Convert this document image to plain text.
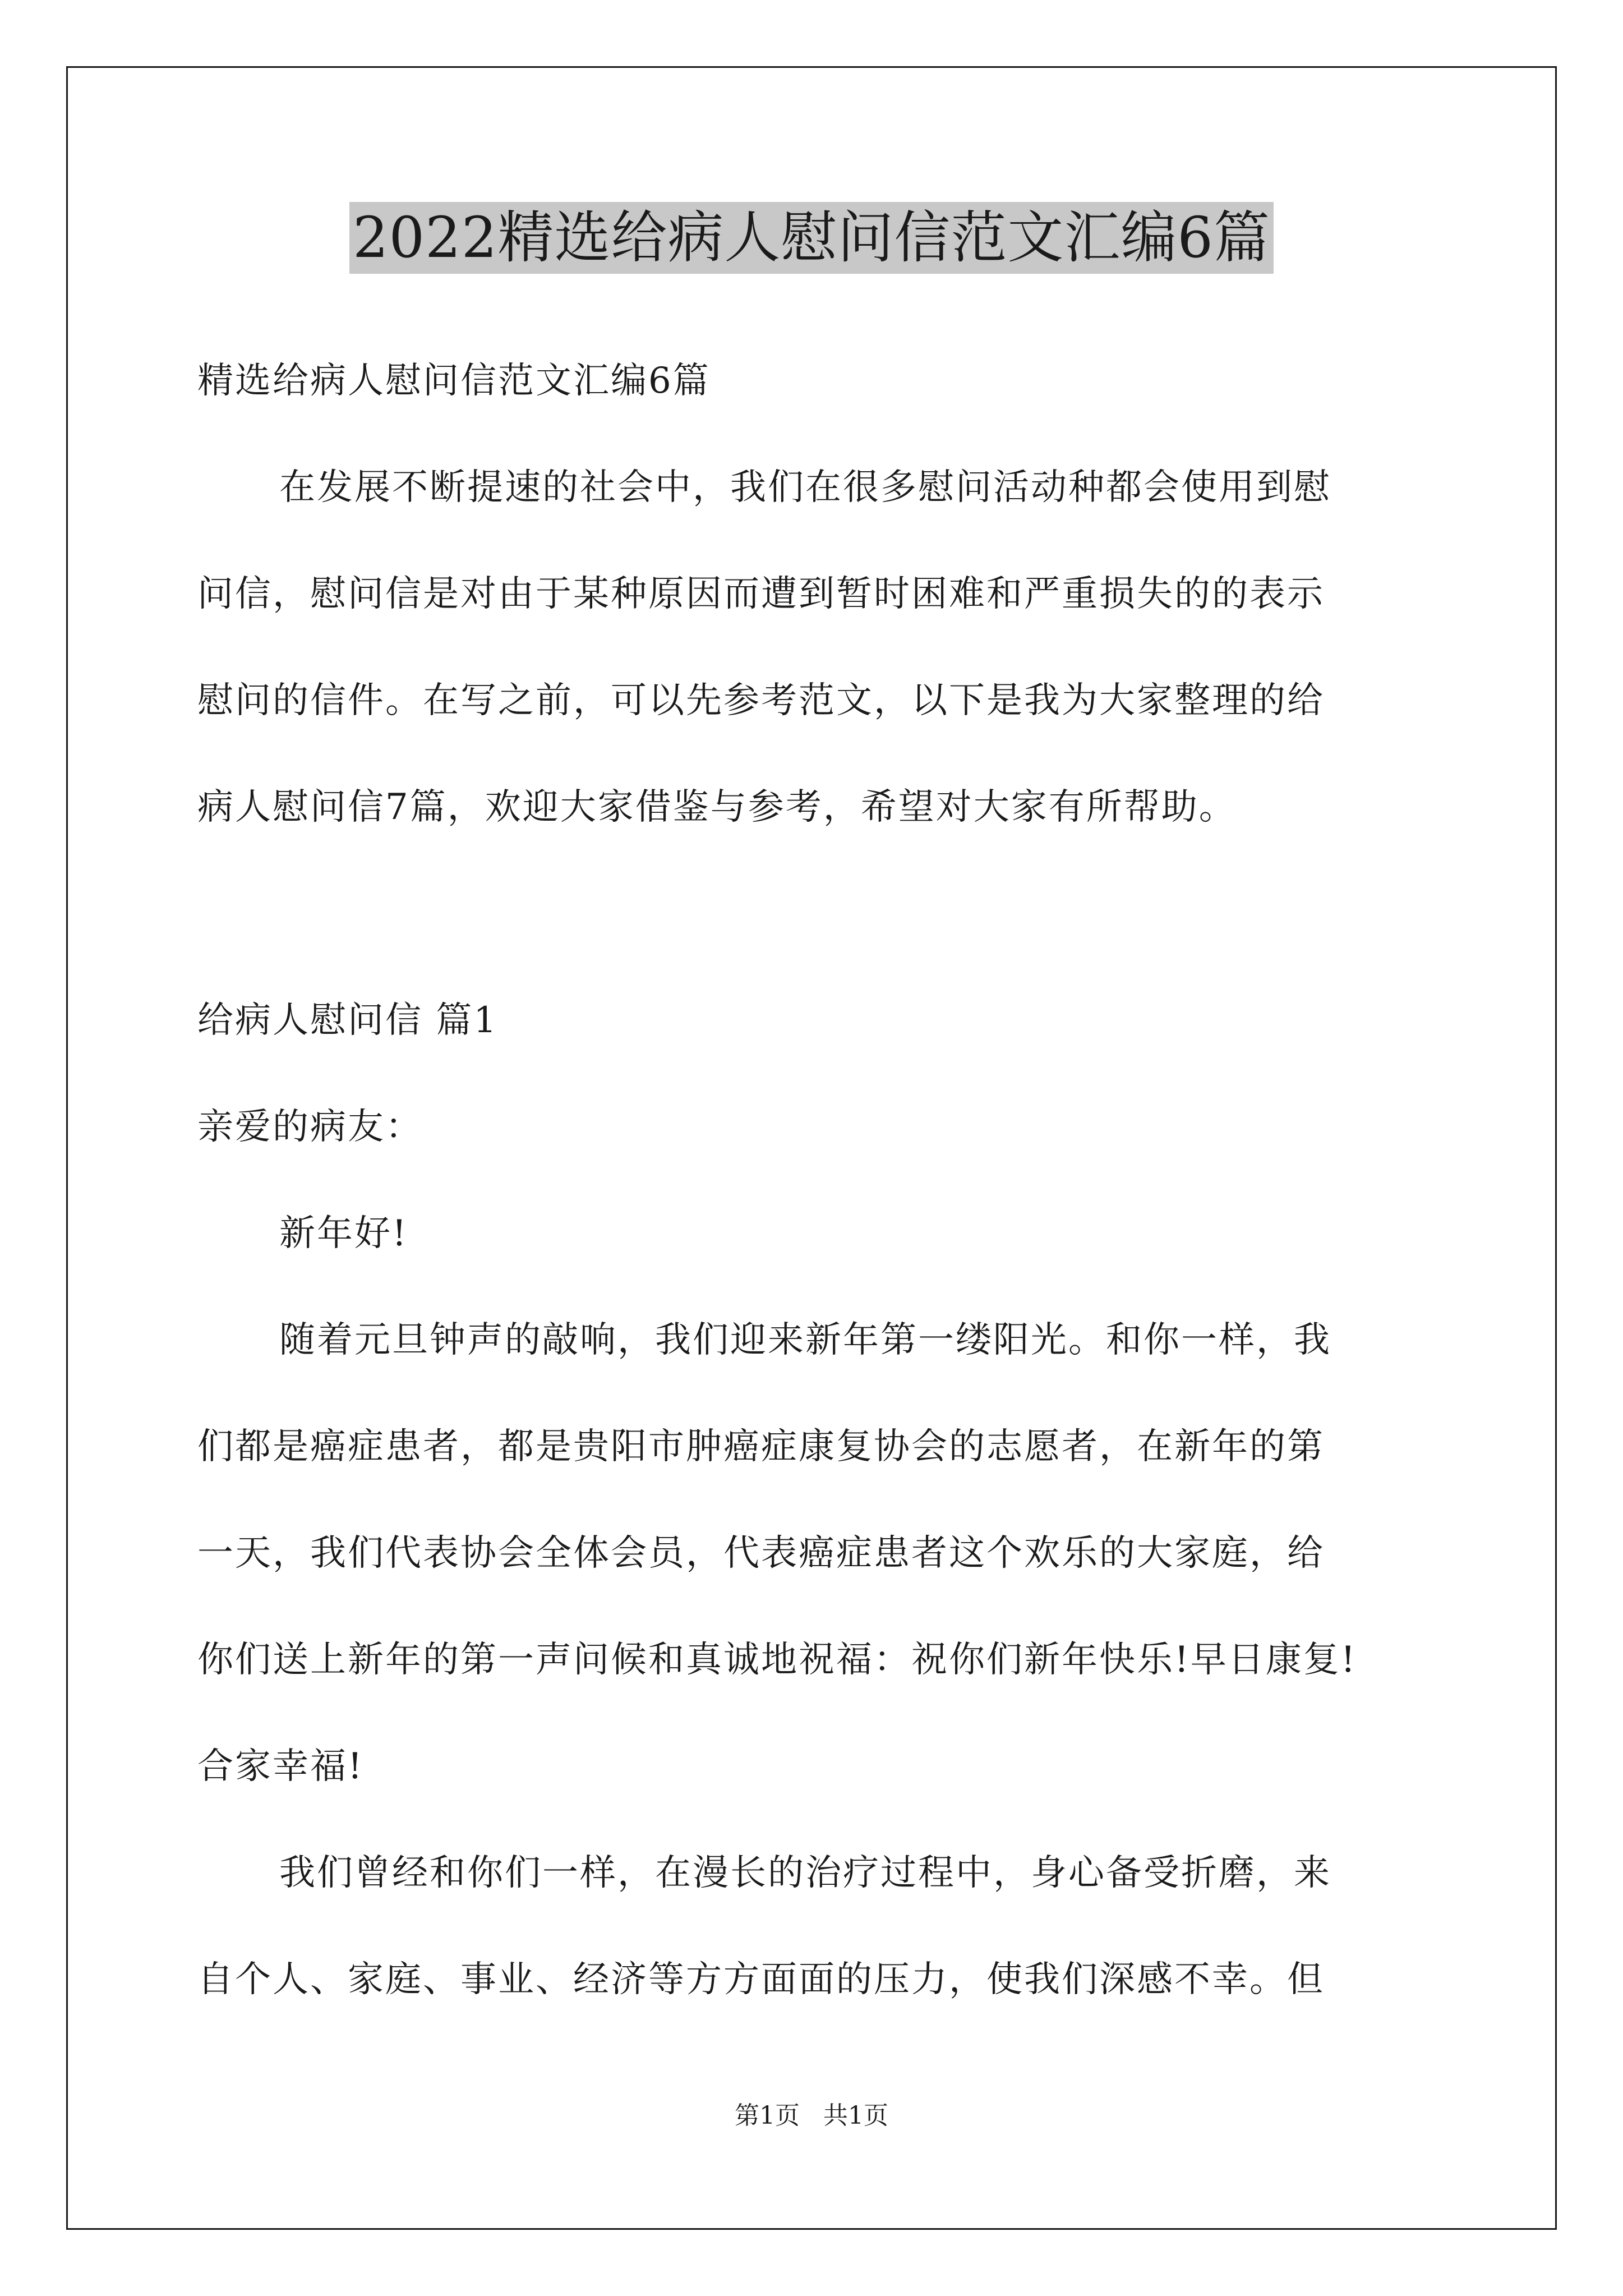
2022精选给病人慰问信范文汇编6篇
精选给病人慰问信范文汇编6篇
在发展不断提速的社会中，我们在很多慰问活动种都会使用到慰
问信，慰问信是对由于某种原因而遭到暂时困难和严重损失的的表示
慰问的信件。在写之前，可以先参考范文，以下是我为大家整理的给
病人慰问信7篇，欢迎大家借鉴与参考，希望对大家有所帮助。
给病人慰问信 篇1
亲爱的病友：
新年好!
随着元旦钟声的敲响，我们迎来新年第一缕阳光。和你一样，我
们都是癌症患者，都是贵阳市肿癌症康复协会的志愿者，在新年的第
一天，我们代表协会全体会员，代表癌症患者这个欢乐的大家庭，给
你们送上新年的第一声问候和真诚地祝福：祝你们新年快乐!早日康复!
合家幸福!
我们曾经和你们一样，在漫长的治疗过程中，身心备受折磨，来
自个人、家庭、事业、经济等方方面面的压力，使我们深感不幸。但
第1页   共1页
